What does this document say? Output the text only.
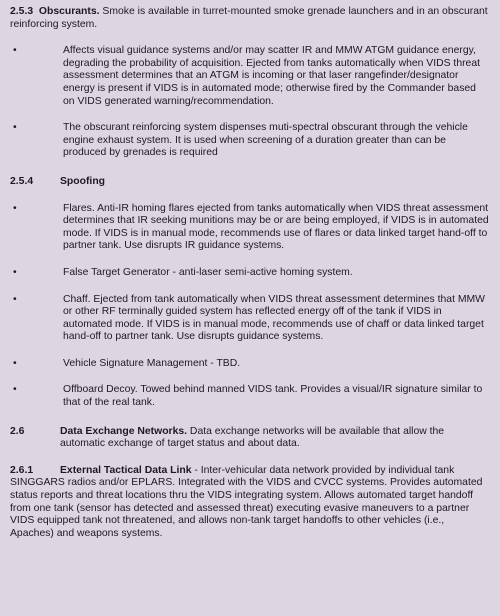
2.5.3 Obscurants. Smoke is available in turret-mounted smoke grenade launchers and in an obscurant reinforcing system.

•	Affects visual guidance systems and/or may scatter IR and MMW ATGM guidance energy, degrading the probability of acquisition. Ejected from tanks automatically when VIDS threat assessment determines that an ATGM is incoming or that laser rangefinder/designator energy is present if VIDS is in automated mode; otherwise fired by the Commander based on VIDS generated warning/recommendation.
•	The obscurant reinforcing system dispenses muti-spectral obscurant through the vehicle engine exhaust system. It is used when screening of a duration greater than can be produced by grenades is required
2.5.4	Spoofing
•	Flares. Anti-IR homing flares ejected from tanks automatically when VIDS threat assessment determines that IR seeking munitions may be or are being employed, if VIDS is in automated mode. If VIDS is in manual mode, recommends use of flares or data linked target hand-off to partner tank. Use disrupts IR guidance systems.
•	False Target Generator - anti-laser semi-active homing system.
•	Chaff. Ejected from tank automatically when VIDS threat assessment determines that MMW or other RF terminally guided system has reflected energy off of the tank if VIDS in automated mode. If VIDS is in manual mode, recommends use of chaff or data linked target hand-off to partner tank. Use disrupts guidance systems.
•	Vehicle Signature Management - TBD.
•	Offboard Decoy. Towed behind manned VIDS tank. Provides a visual/IR signature similar to that of the real tank.
2.6	Data Exchange Networks. Data exchange networks will be available that allow the automatic exchange of target status and about data.
2.6.1	External Tactical Data Link - Inter-vehicular data network provided by individual tank SINGGARS radios and/or EPLARS. Integrated with the VIDS and CVCC systems. Provides automated status reports and threat locations thru the VIDS integrating system. Allows automated target handoff from one tank (sensor has detected and assessed threat) executing evasive maneuvers to a partner VIDS equipped tank not threatened, and allows non-tank target handoffs to other vehicles (i.e., Apaches) and weapons systems.
